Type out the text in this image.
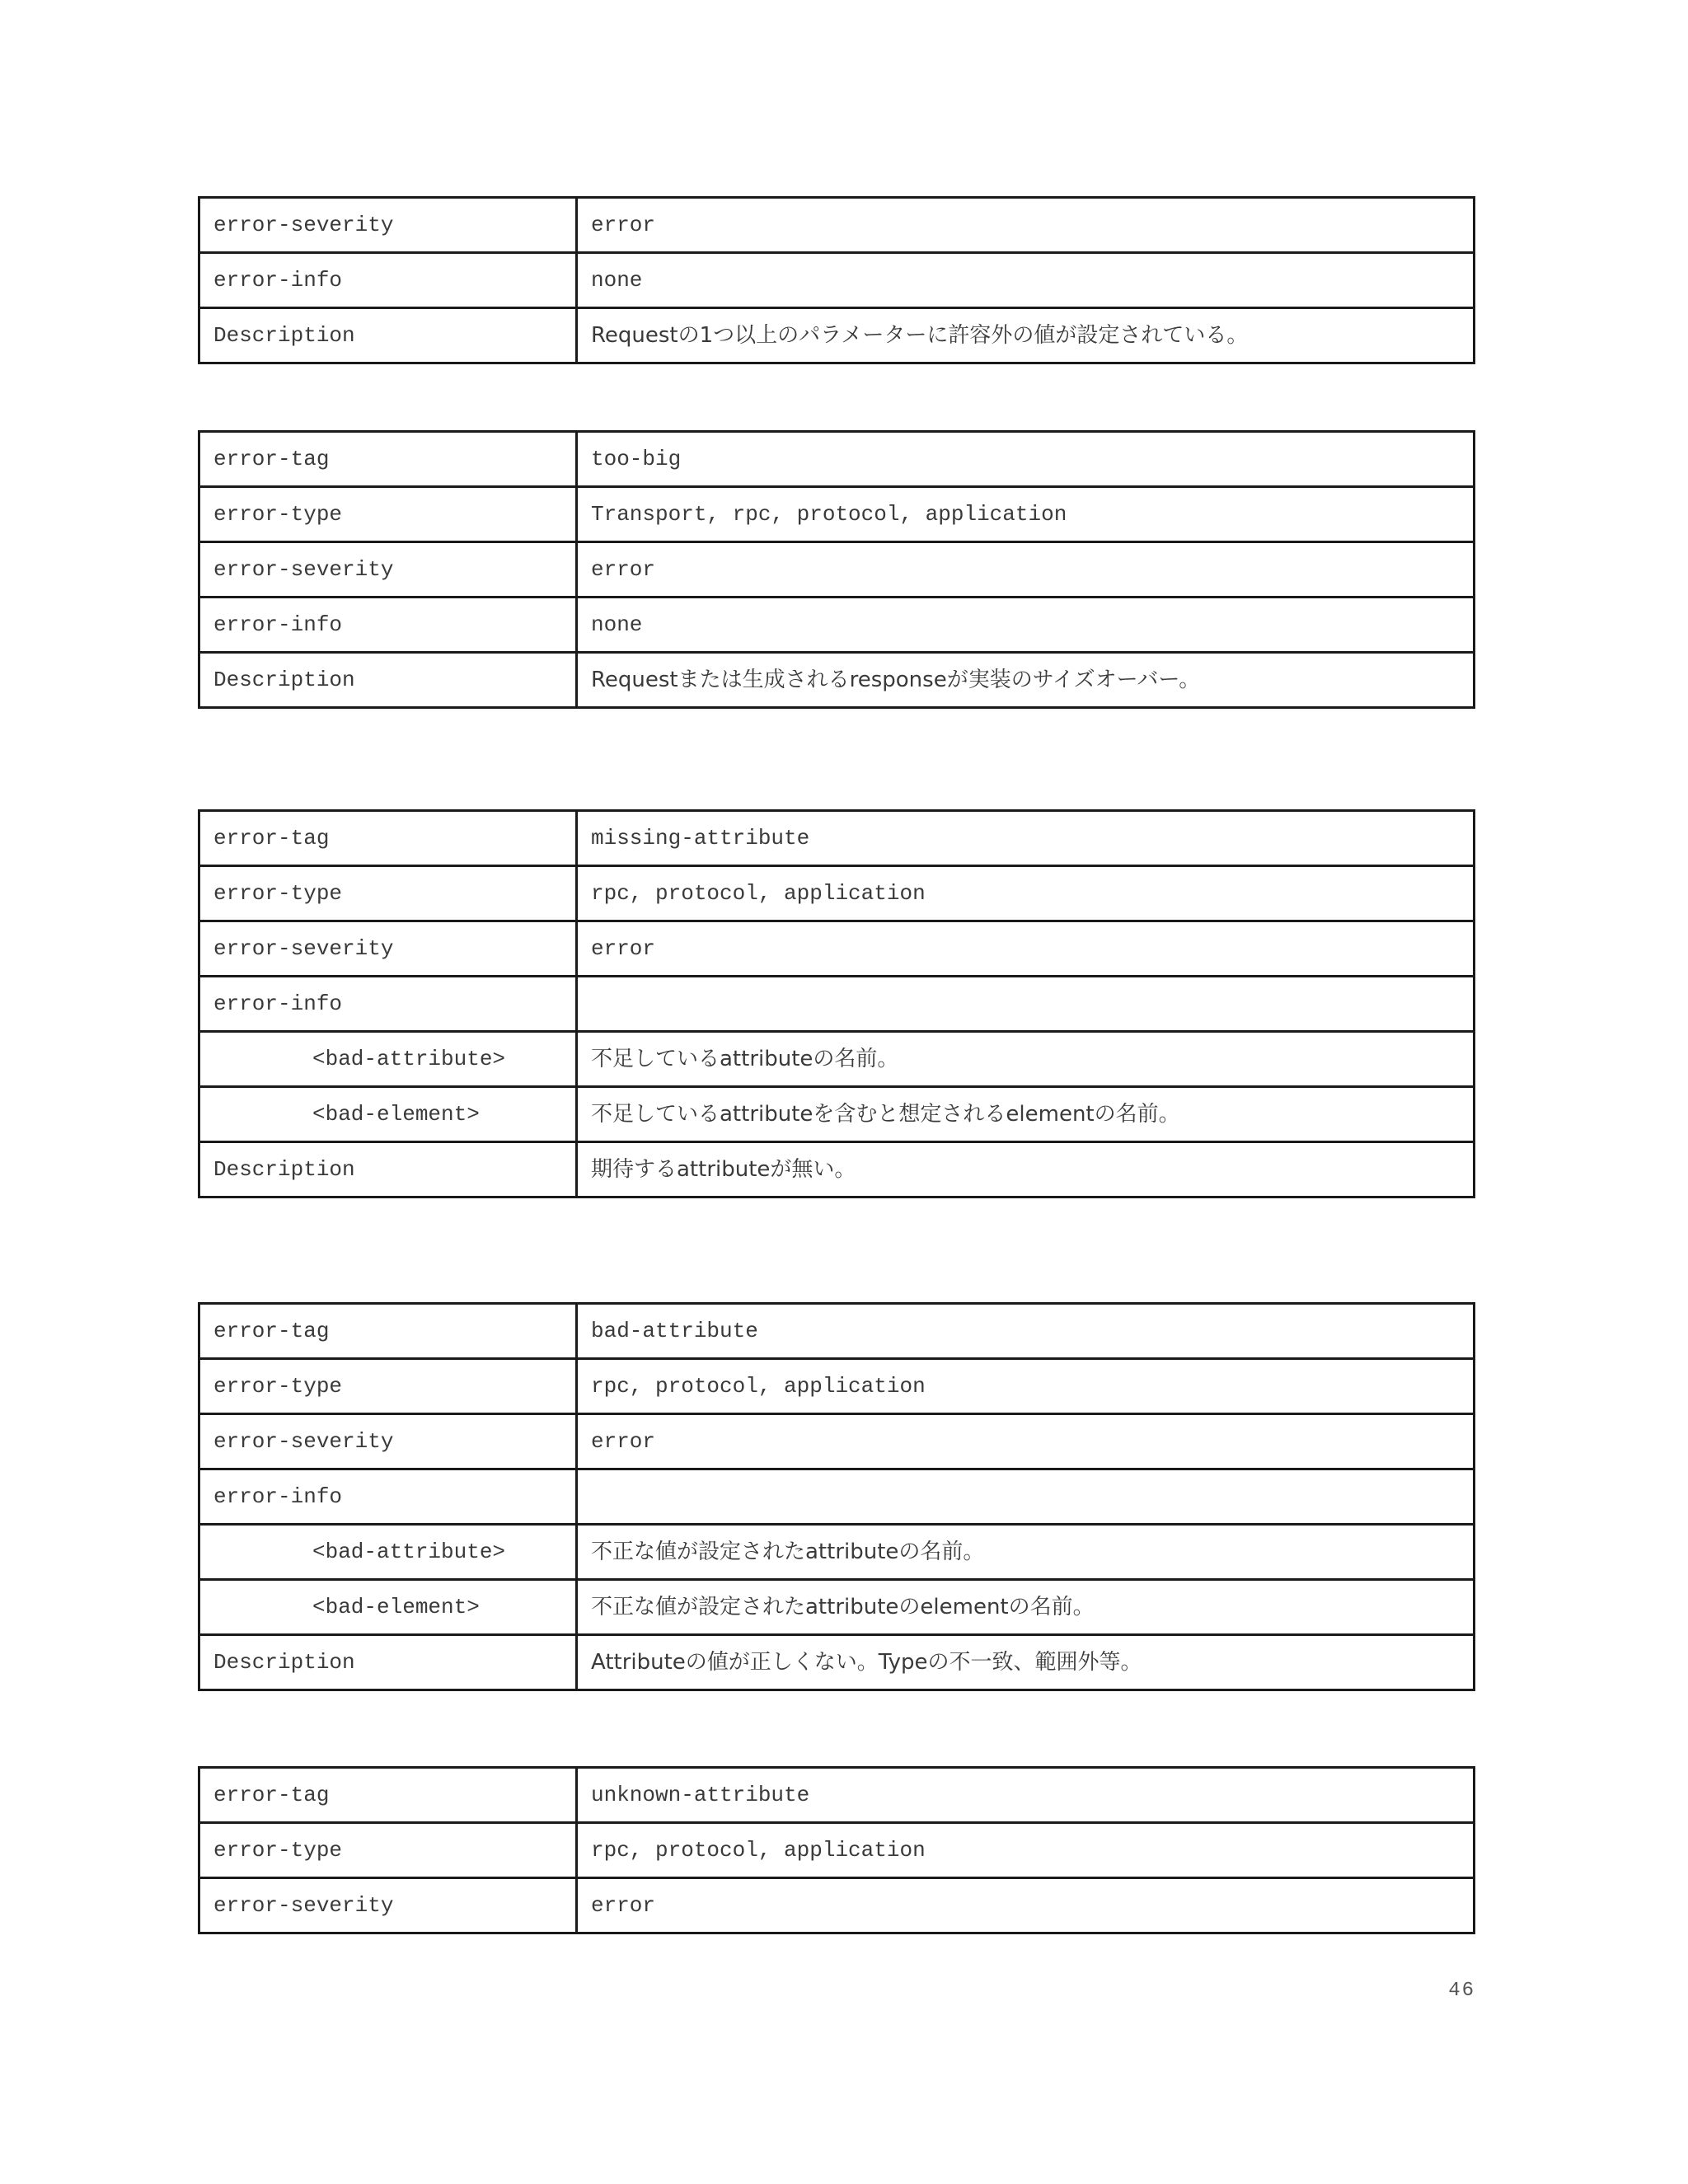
error-severity	error
error-info	none
Description	Requestの1つ以上のパラメーターに許容外の値が設定されている。
error-tag	too-big
error-type	Transport, rpc, protocol, application
error-severity	error
error-info	none
Description	Requestまたは生成されるresponseが実装のサイズオーバー。
error-tag	missing-attribute
error-type	rpc, protocol, application
error-severity	error
error-info	
<bad-attribute>	不足しているattributeの名前。
<bad-element>	不足しているattributeを含むと想定されるelementの名前。
Description	期待するattributeが無い。
error-tag	bad-attribute
error-type	rpc, protocol, application
error-severity	error
error-info	
<bad-attribute>	不正な値が設定されたattributeの名前。
<bad-element>	不正な値が設定されたattributeのelementの名前。
Description	Attributeの値が正しくない。Typeの不一致、範囲外等。
error-tag	unknown-attribute
error-type	rpc, protocol, application
error-severity	error
46
